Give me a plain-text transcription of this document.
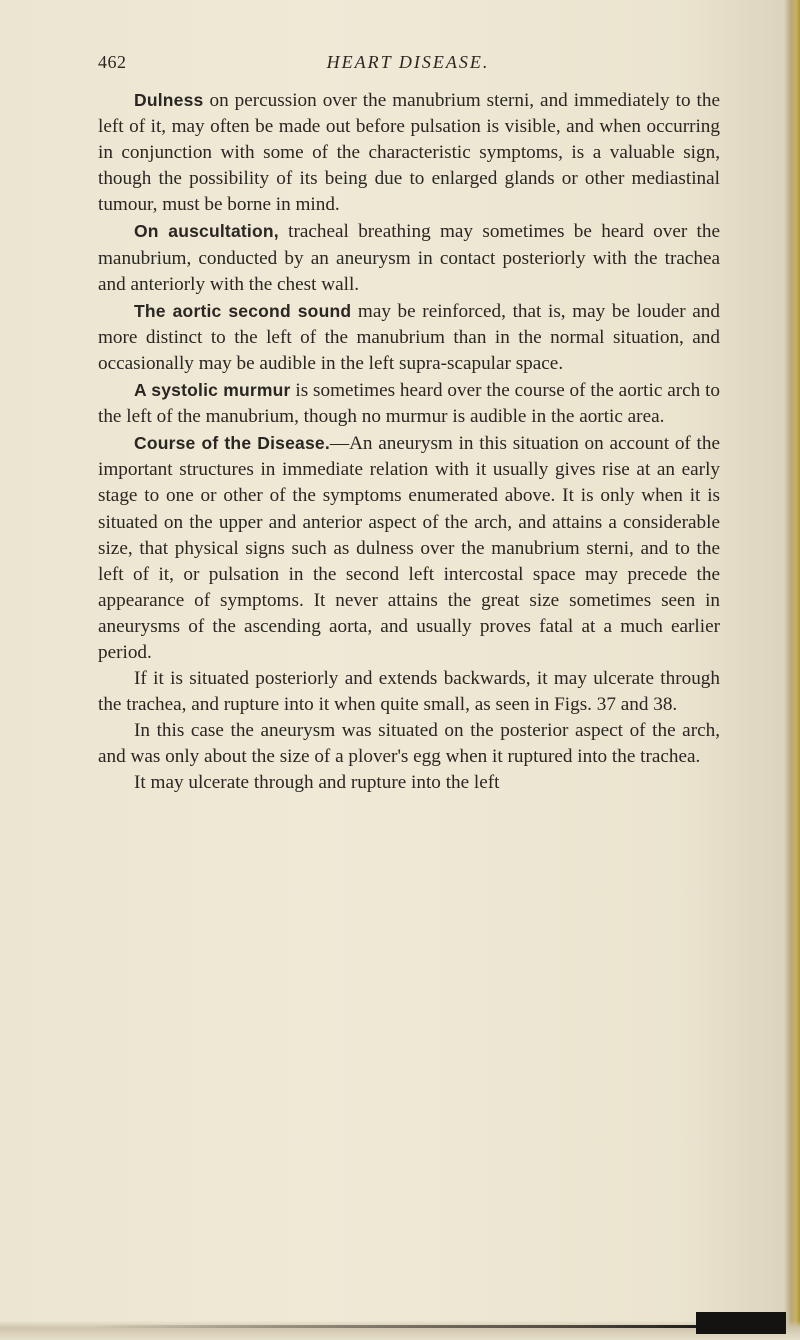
462	HEART DISEASE.

Dulness on percussion over the manubrium sterni, and immediately to the left of it, may often be made out before pulsation is visible, and when occurring in conjunction with some of the characteristic symptoms, is a valuable sign, though the possibility of its being due to enlarged glands or other mediastinal tumour, must be borne in mind.

On auscultation, tracheal breathing may sometimes be heard over the manubrium, conducted by an aneurysm in contact posteriorly with the trachea and anteriorly with the chest wall.

The aortic second sound may be reinforced, that is, may be louder and more distinct to the left of the manubrium than in the normal situation, and occasionally may be audible in the left supra-scapular space.

A systolic murmur is sometimes heard over the course of the aortic arch to the left of the manubrium, though no murmur is audible in the aortic area.

Course of the Disease.—An aneurysm in this situation on account of the important structures in immediate relation with it usually gives rise at an early stage to one or other of the symptoms enumerated above. It is only when it is situated on the upper and anterior aspect of the arch, and attains a considerable size, that physical signs such as dulness over the manubrium sterni, and to the left of it, or pulsation in the second left intercostal space may precede the appearance of symptoms. It never attains the great size sometimes seen in aneurysms of the ascending aorta, and usually proves fatal at a much earlier period.

If it is situated posteriorly and extends backwards, it may ulcerate through the trachea, and rupture into it when quite small, as seen in Figs. 37 and 38.

In this case the aneurysm was situated on the posterior aspect of the arch, and was only about the size of a plover's egg when it ruptured into the trachea.

It may ulcerate through and rupture into the left
